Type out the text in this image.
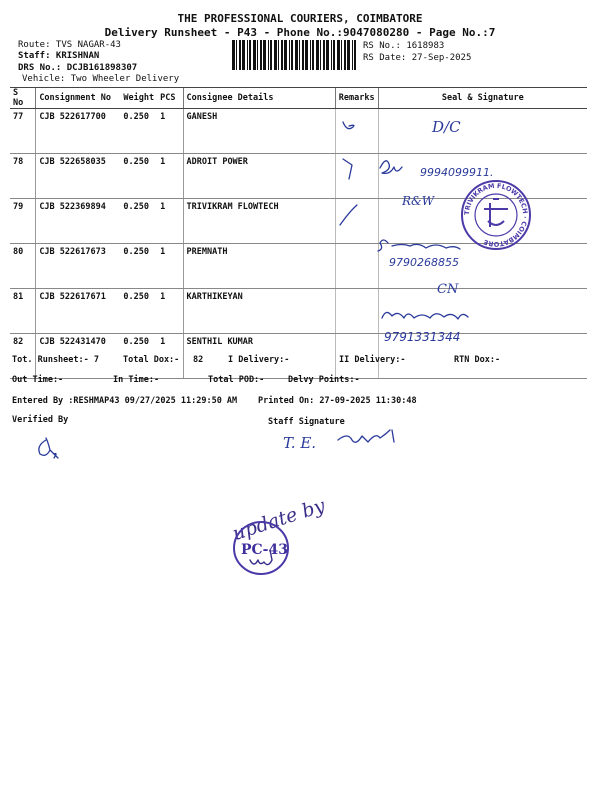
THE PROFESSIONAL COURIERS, COIMBATORE
Delivery Runsheet - P43 - Phone No.:9047080280 - Page No.:7
Route: TVS NAGAR-43
Staff: KRISHNAN
DRS No.: DCJB161898307
Vehicle: Two Wheeler Delivery
RS No.: 1618983
RS Date: 27-Sep-2025
S No	Consignment No	Weight	PCS	Consignee Details	Remarks	Seal & Signature
77	CJB 522617700	0.250	1	GANESH		
78	CJB 522658035	0.250	1	ADROIT POWER		
79	CJB 522369894	0.250	1	TRIVIKRAM FLOWTECH		
80	CJB 522617673	0.250	1	PREMNATH		
81	CJB 522617671	0.250	1	KARTHIKEYAN		
82	CJB 522431470	0.250	1	SENTHIL KUMAR		
Tot. Runsheet:- 7	Total Dox:- 82	I Delivery:-	II Delivery:-	RTN Dox:-
Out Time:-	In Time:-	Total POD:-	Delvy Points:-
Entered By :RESHMAP43 09/27/2025 11:29:50 AM Printed On: 27-09-2025 11:30:48
Verified By	Staff Signature
D/C
9994099911.
R&W
TRIVIKRAM FLOWTECH · COIMBATORE
9790268855
CN
9791331344
T. E.
update by
PC-43
